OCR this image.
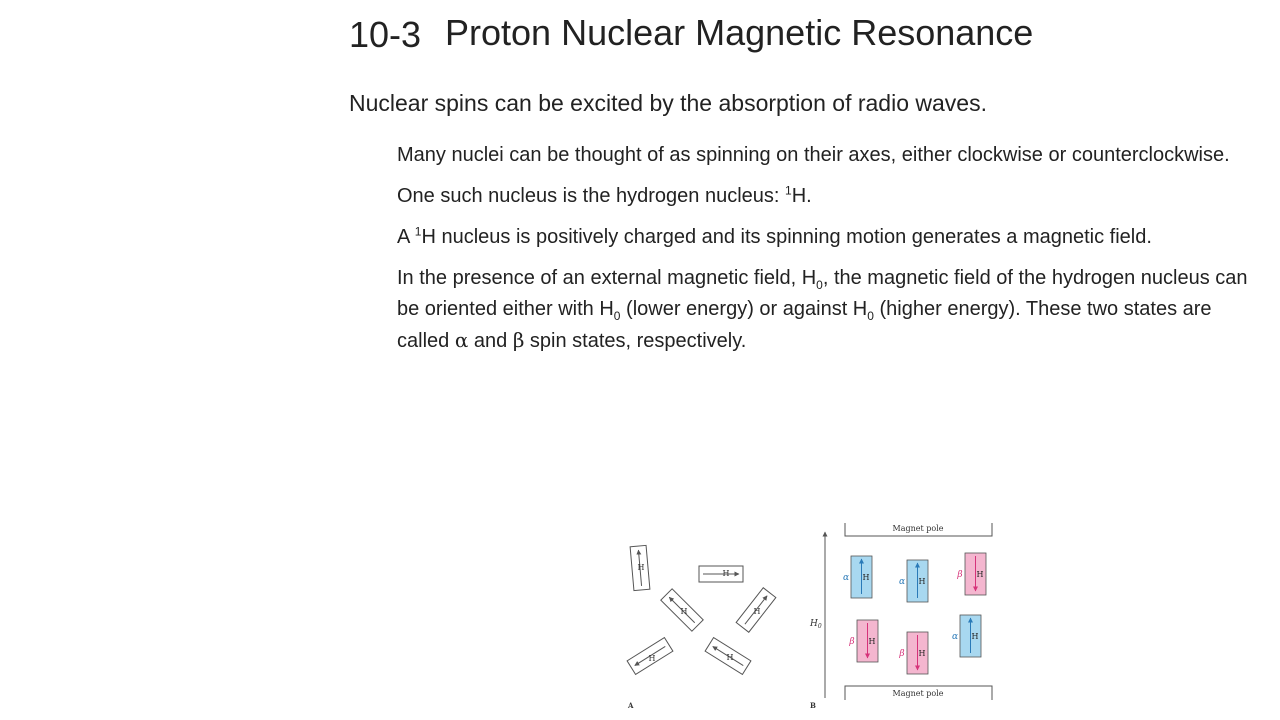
10-3 Proton Nuclear Magnetic Resonance
Nuclear spins can be excited by the absorption of radio waves.

Many nuclei can be thought of as spinning on their axes, either clockwise or counterclockwise.

One such nucleus is the hydrogen nucleus: $^1$H.

A $^1$H nucleus is positively charged and its spinning motion generates a magnetic field.

In the presence of an external magnetic field, $H_0$, the magnetic field of the hydrogen nucleus can be oriented either with $H_0$ (lower energy) or against $H_0$ (higher energy). These two states are called α and β spin states, respectively.

H
H
H	H
H	H
A
Magnet pole
Magnet pole
$H_0$
H	H
H
H
H
H
α	α
α
β
β
β
B
